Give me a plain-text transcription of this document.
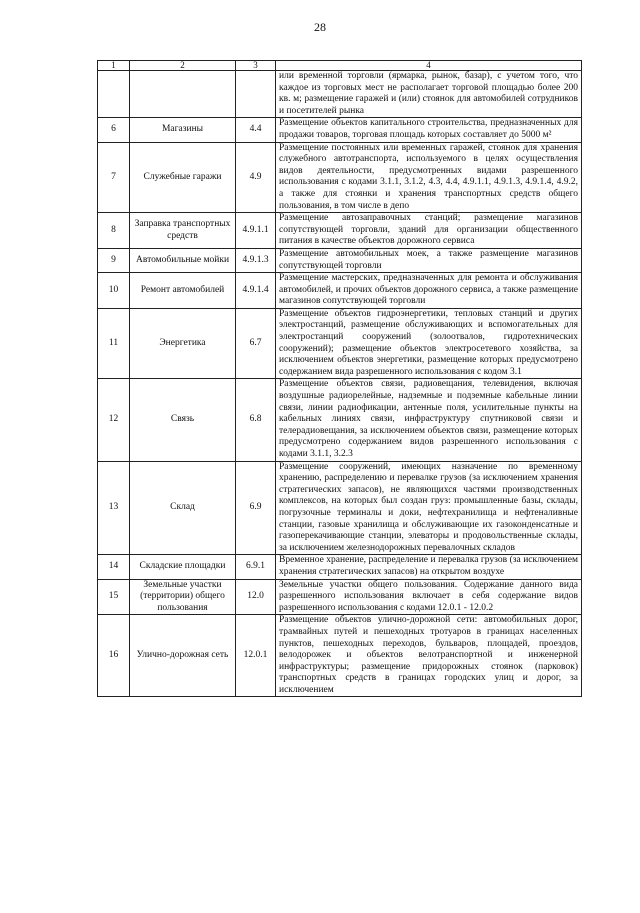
28
1	2	3	4
			или временной торговли (ярмарка, рынок, базар), с учетом того, что каждое из торговых мест не располагает торговой площадью более 200 кв. м; размещение гаражей и (или) стоянок для автомобилей сотрудников и посетителей рынка
6	Магазины	4.4	Размещение объектов капитального строительства, предназначенных для продажи товаров, торговая площадь которых составляет до 5000 м²
7	Служебные гаражи	4.9	Размещение постоянных или временных гаражей, стоянок для хранения служебного автотранспорта, используемого в целях осуществления видов деятельности, предусмотренных видами разрешенного использования с кодами 3.1.1, 3.1.2, 4.3, 4.4, 4.9.1.1, 4.9.1.3, 4.9.1.4, 4.9.2, а также для стоянки и хранения транспортных средств общего пользования, в том числе в депо
8	Заправка транспортных средств	4.9.1.1	Размещение автозаправочных станций; размещение магазинов сопутствующей торговли, зданий для организации общественного питания в качестве объектов дорожного сервиса
9	Автомобильные мойки	4.9.1.3	Размещение автомобильных моек, а также размещение магазинов сопутствующей торговли
10	Ремонт автомобилей	4.9.1.4	Размещение мастерских, предназначенных для ремонта и обслуживания автомобилей, и прочих объектов дорожного сервиса, а также размещение магазинов сопутствующей торговли
11	Энергетика	6.7	Размещение объектов гидроэнергетики, тепловых станций и других электростанций, размещение обслуживающих и вспомогательных для электростанций сооружений (золоотвалов, гидротехнических сооружений); размещение объектов электросетевого хозяйства, за исключением объектов энергетики, размещение которых предусмотрено содержанием вида разрешенного использования с кодом 3.1
12	Связь	6.8	Размещение объектов связи, радиовещания, телевидения, включая воздушные радиорелейные, надземные и подземные кабельные линии связи, линии радиофикации, антенные поля, усилительные пункты на кабельных линиях связи, инфраструктуру спутниковой связи и телерадиовещания, за исключением объектов связи, размещение которых предусмотрено содержанием видов разрешенного использования с кодами 3.1.1, 3.2.3
13	Склад	6.9	Размещение сооружений, имеющих назначение по временному хранению, распределению и перевалке грузов (за исключением хранения стратегических запасов), не являющихся частями производственных комплексов, на которых был создан груз: промышленные базы, склады, погрузочные терминалы и доки, нефтехранилища и нефтеналивные станции, газовые хранилища и обслуживающие их газоконденсатные и газоперекачивающие станции, элеваторы и продовольственные склады, за исключением железнодорожных перевалочных складов
14	Складские площадки	6.9.1	Временное хранение, распределение и перевалка грузов (за исключением хранения стратегических запасов) на открытом воздухе
15	Земельные участки (территории) общего пользования	12.0	Земельные участки общего пользования. Содержание данного вида разрешенного использования включает в себя содержание видов разрешенного использования с кодами 12.0.1 - 12.0.2
16	Улично-дорожная сеть	12.0.1	Размещение объектов улично-дорожной сети: автомобильных дорог, трамвайных путей и пешеходных тротуаров в границах населенных пунктов, пешеходных переходов, бульваров, площадей, проездов, велодорожек и объектов велотранспортной и инженерной инфраструктуры; размещение придорожных стоянок (парковок) транспортных средств в границах городских улиц и дорог, за исключением
